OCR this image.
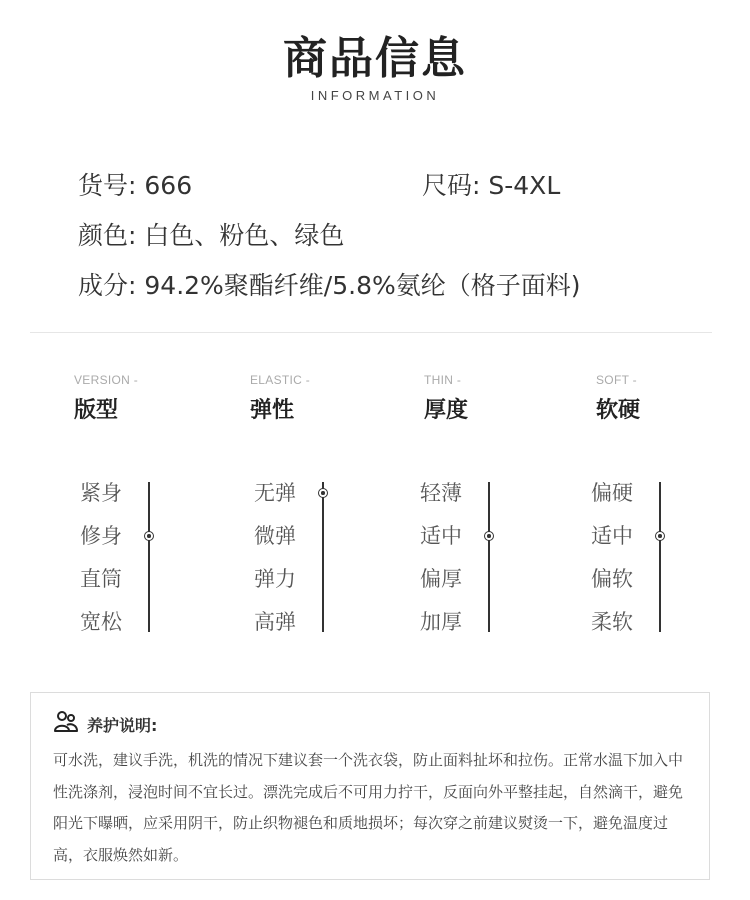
商品信息
INFORMATION
货号: 666	尺码: S-4XL
颜色: 白色、粉色、绿色
成分: 94.2%聚酯纤维/5.8%氨纶（格子面料)
VERSION -
版型
ELASTIC -
弹性
THIN -
厚度
SOFT -
软硬
紧身
修身
直筒
宽松
无弹
微弹
弹力
高弹
轻薄
适中
偏厚
加厚
偏硬
适中
偏软
柔软
养护说明:
可水洗，建议手洗，机洗的情况下建议套一个洗衣袋，防止面料扯坏和拉伤。正常水温下加入中性洗涤剂，浸泡时间不宜长过。漂洗完成后不可用力拧干，反面向外平整挂起，自然滴干，避免阳光下曝晒，应采用阴干，防止织物褪色和质地损坏；每次穿之前建议熨烫一下，避免温度过高，衣服焕然如新。
